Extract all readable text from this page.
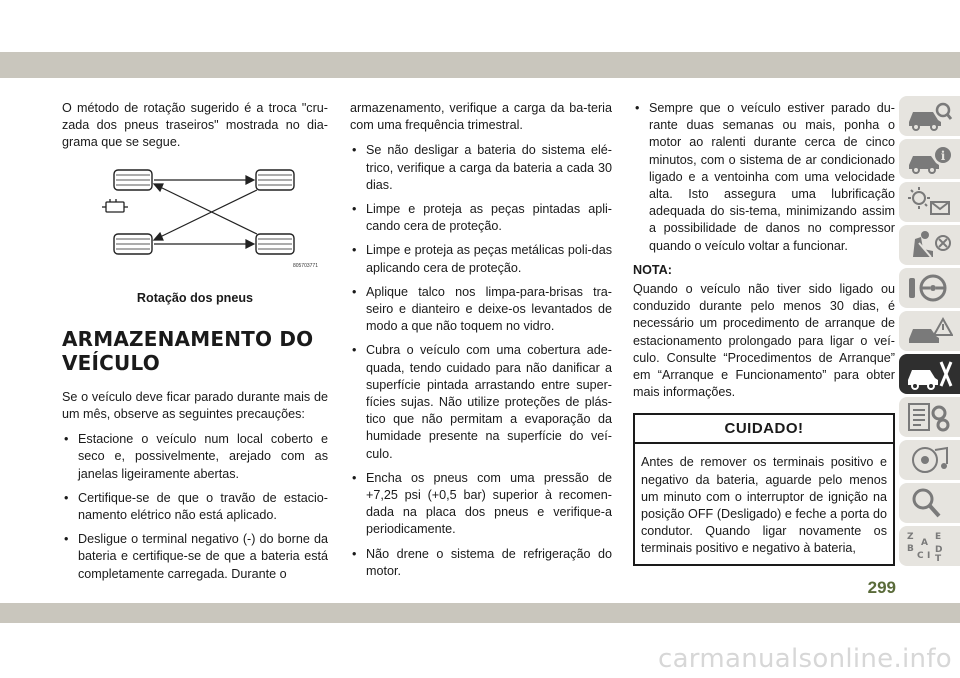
O método de rotação sugerido é a troca "cru-zada dos pneus traseiros" mostrada no dia-grama que se segue.

805703771
Rotação dos pneus
ARMAZENAMENTO DO
VEÍCULO

Se o veículo deve ficar parado durante mais de um mês, observe as seguintes precauções:

• Estacione o veículo num local coberto e seco e, possivelmente, arejado com as janelas ligeiramente abertas.
• Certifique-se de que o travão de estacio-namento elétrico não está aplicado.
• Desligue o terminal negativo (-) do borne da bateria e certifique-se de que a bateria está completamente carregada. Durante o

armazenamento, verifique a carga da ba-teria com uma frequência trimestral.

• Se não desligar a bateria do sistema elé-trico, verifique a carga da bateria a cada 30 dias.
• Limpe e proteja as peças pintadas apli-cando cera de proteção.
• Limpe e proteja as peças metálicas poli-das aplicando cera de proteção.
• Aplique talco nos limpa-para-brisas tra-seiro e dianteiro e deixe-os levantados de modo a que não toquem no vidro.
• Cubra o veículo com uma cobertura ade-quada, tendo cuidado para não danificar a superfície pintada arrastando entre super-fícies sujas. Não utilize proteções de plás-tico que não permitam a evaporação da humidade presente na superfície do veí-culo.
• Encha os pneus com uma pressão de +7,25 psi (+0,5 bar) superior à recomen-dada na placa dos pneus e verifique-a periodicamente.
• Não drene o sistema de refrigeração do motor.
• Sempre que o veículo estiver parado du-rante duas semanas ou mais, ponha o motor ao ralenti durante cerca de cinco minutos, com o sistema de ar condicionado ligado e a ventoinha com uma velocidade alta. Isto assegura uma lubrificação adequada do sis-tema, minimizando assim a possibilidade de danos no compressor quando o veículo voltar a funcionar.
NOTA:

Quando o veículo não tiver sido ligado ou conduzido durante pelo menos 30 dias, é necessário um procedimento de arranque de estacionamento prolongado para ligar o veí-culo. Consulte “Procedimentos de Arranque” em “Arranque e Funcionamento” para obter mais informações.

CUIDADO!
Antes de remover os terminais positivo e negativo da bateria, aguarde pelo menos um minuto com o interruptor de ignição na posição OFF (Desligado) e feche a porta do condutor. Quando ligar novamente os terminais positivo e negativo à bateria,
i
Z E
A
B
C
D
T
I
299
carmanualsonline.info
